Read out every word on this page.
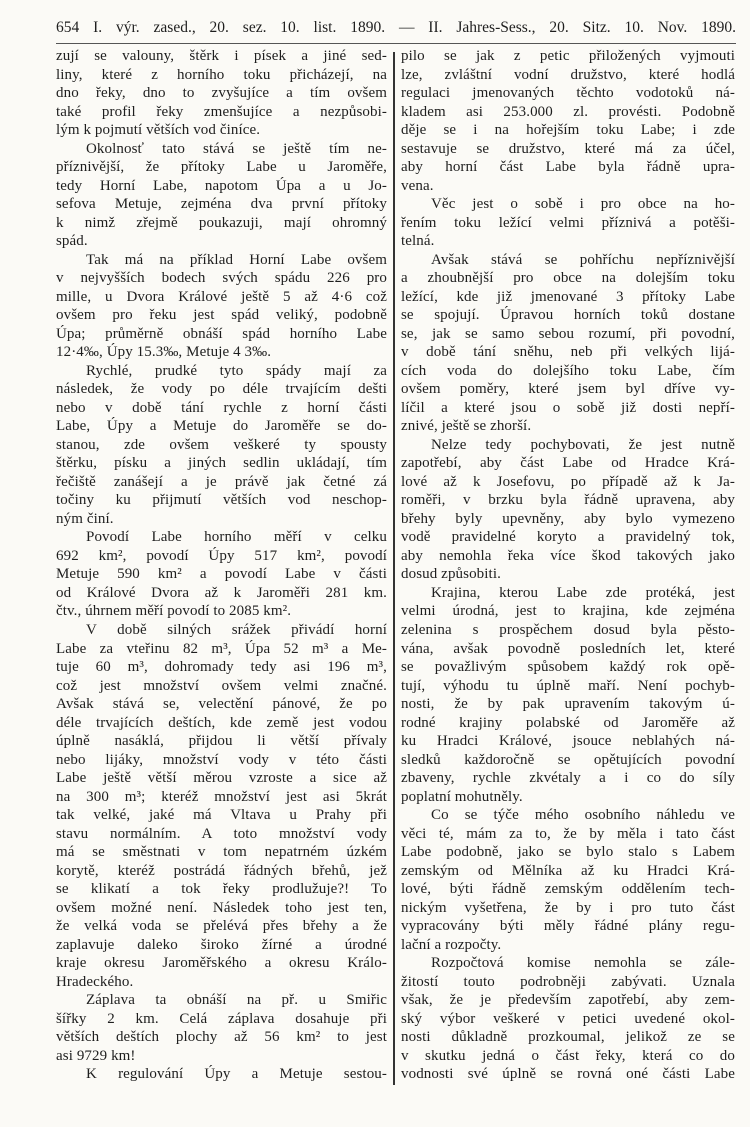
654 I. výr. zased., 20. sez. 10. list. 1890. — II. Jahres-Sess., 20. Sitz. 10. Nov. 1890.
zují se valouny, štěrk i písek a jiné sed-
liny, které z horního toku přicházejí, na
dno řeky, dno to zvyšujíce a tím ovšem
také profil řeky zmenšujíce a nezpůsobi-
lým k pojmutí větších vod činíce.
Okolnosť tato stává se ještě tím ne-
příznivější, že přítoky Labe u Jaroměře,
tedy Horní Labe, napotom Úpa a u Jo-
sefova Metuje, zejména dva první přítoky
k nimž zřejmě poukazuji, mají ohromný
spád.
Tak má na příklad Horní Labe ovšem
v nejvyšších bodech svých spádu 226 pro
mille, u Dvora Králové ještě 5 až 4·6 což
ovšem pro řeku jest spád veliký, podobně
Úpa; průměrně obnáší spád horního Labe
12·4‰, Úpy 15.3‰, Metuje 4 3‰.
Rychlé, prudké tyto spády mají za
následek, že vody po déle trvajícím dešti
nebo v době tání rychle z horní části
Labe, Úpy a Metuje do Jaroměře se do-
stanou, zde ovšem veškeré ty spousty
štěrku, písku a jiných sedlin ukládají, tím
řečiště zanášejí a je právě jak četné zá
točiny ku přijmutí větších vod neschop-
ným činí.
Povodí Labe horního měří v celku
692 km², povodí Úpy 517 km², povodí
Metuje 590 km² a povodí Labe v části
od Králové Dvora až k Jaroměři 281 km.
čtv., úhrnem měří povodí to 2085 km².
V době silných srážek přivádí horní
Labe za vteřinu 82 m³, Úpa 52 m³ a Me-
tuje 60 m³, dohromady tedy asi 196 m³,
což jest množství ovšem velmi značné.
Avšak stává se, velectění pánové, že po
déle trvajících deštích, kde země jest vodou
úplně nasáklá, přijdou li větší přívaly
nebo lijáky, množství vody v této části
Labe ještě větší měrou vzroste a sice až
na 300 m³; kteréž množství jest asi 5krát
tak velké, jaké má Vltava u Prahy při
stavu normálním. A toto množství vody
má se směstnati v tom nepatrném úzkém
korytě, kteréž postrádá řádných břehů, jež
se klikatí a tok řeky prodlužuje?! To
ovšem možné není. Následek toho jest ten,
že velká voda se přelévá přes břehy a že
zaplavuje daleko široko žírné a úrodné
kraje okresu Jaroměřského a okresu Králo-
Hradeckého.
Záplava ta obnáší na př. u Smiřic
šířky 2 km. Celá záplava dosahuje při
větších deštích plochy až 56 km² to jest
asi 9729 km!
K regulování Úpy a Metuje sestou-
pilo se jak z petic přiložených vyjmouti
lze, zvláštní vodní družstvo, které hodlá
regulaci jmenovaných těchto vodotoků ná-
kladem asi 253.000 zl. provésti. Podobně
děje se i na hořejším toku Labe; i zde
sestavuje se družstvo, které má za účel,
aby horní část Labe byla řádně upra-
vena.
Věc jest o sobě i pro obce na ho-
řením toku ležící velmi příznivá a potěši-
telná.
Avšak stává se pohříchu nepříznivější
a zhoubnější pro obce na dolejším toku
ležící, kde již jmenované 3 přítoky Labe
se spojují. Úpravou horních toků dostane
se, jak se samo sebou rozumí, při povodní,
v době tání sněhu, neb při velkých lijá-
cích voda do dolejšího toku Labe, čím
ovšem poměry, které jsem byl dříve vy-
líčil a které jsou o sobě již dosti nepří-
znivé, ještě se zhorší.
Nelze tedy pochybovati, že jest nutně
zapotřebí, aby část Labe od Hradce Krá-
lové až k Josefovu, po případě až k Ja-
roměři, v brzku byla řádně upravena, aby
břehy byly upevněny, aby bylo vymezeno
vodě pravidelné koryto a pravidelný tok,
aby nemohla řeka více škod takových jako
dosud způsobiti.
Krajina, kterou Labe zde protéká, jest
velmi úrodná, jest to krajina, kde zejména
zelenina s prospěchem dosud byla pěsto-
vána, avšak povodně posledních let, které
se považlivým spůsobem každý rok opě-
tují, výhodu tu úplně maří. Není pochyb-
nosti, že by pak upravením takovým ú-
rodné krajiny polabské od Jaroměře až
ku Hradci Králové, jsouce neblahých ná-
sledků každoročně se opětujících povodní
zbaveny, rychle zkvétaly a i co do síly
poplatní mohutněly.
Co se týče mého osobního náhledu ve
věci té, mám za to, že by měla i tato část
Labe podobně, jako se bylo stalo s Labem
zemským od Mělníka až ku Hradci Krá-
lové, býti řádně zemským oddělením tech-
nickým vyšetřena, že by i pro tuto část
vypracovány býti měly řádné plány regu-
lační a rozpočty.
Rozpočtová komise nemohla se zále-
žitostí touto podrobněji zabývati. Uznala
však, že je především zapotřebí, aby zem-
ský výbor veškeré v petici uvedené okol-
nosti důkladně prozkoumal, jelikož ze se
v skutku jedná o část řeky, která co do
vodnosti své úplně se rovná oné části Labe
